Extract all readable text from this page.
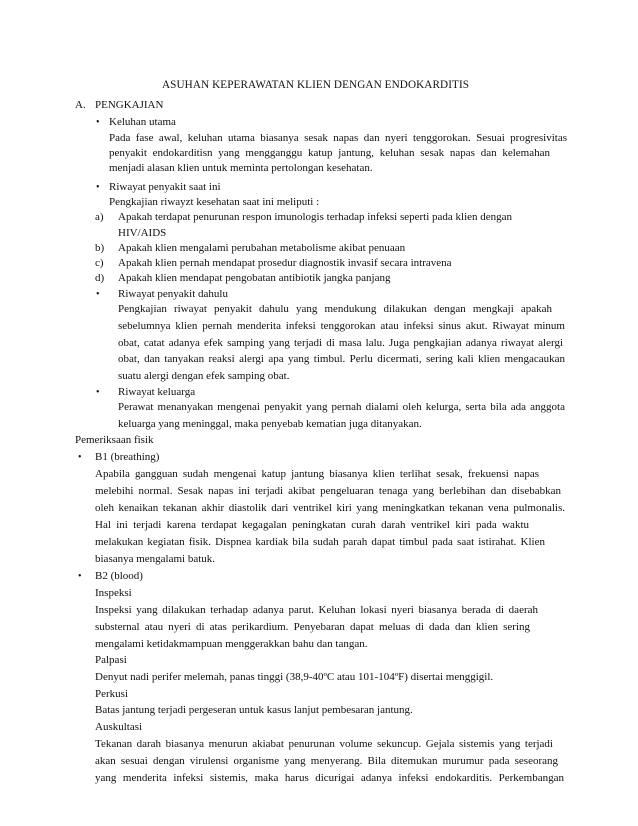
ASUHAN KEPERAWATAN KLIEN DENGAN ENDOKARDITIS
A. PENGKAJIAN
• Keluhan utama
Pada fase awal, keluhan utama biasanya sesak napas dan nyeri tenggorokan. Sesuai progresivitas
penyakit endokarditisn yang mengganggu katup jantung, keluhan sesak napas dan kelemahan
menjadi alasan klien untuk meminta pertolongan kesehatan.
• Riwayat penyakit saat ini
Pengkajian riwayzt kesehatan saat ini meliputi :
a) Apakah terdapat penurunan respon imunologis terhadap infeksi seperti pada klien dengan
HIV/AIDS
b) Apakah klien mengalami perubahan metabolisme akibat penuaan
c) Apakah klien pernah mendapat prosedur diagnostik invasif secara intravena
d) Apakah klien mendapat pengobatan antibiotik jangka panjang
• Riwayat penyakit dahulu
Pengkajian riwayat penyakit dahulu yang mendukung dilakukan dengan mengkaji apakah
sebelumnya klien pernah menderita infeksi tenggorokan atau infeksi sinus akut. Riwayat minum
obat, catat adanya efek samping yang terjadi di masa lalu. Juga pengkajian adanya riwayat alergi
obat, dan tanyakan reaksi alergi apa yang timbul. Perlu dicermati, sering kali klien mengacaukan
suatu alergi dengan efek samping obat.
• Riwayat keluarga
Perawat menanyakan mengenai penyakit yang pernah dialami oleh kelurga, serta bila ada anggota
keluarga yang meninggal, maka penyebab kematian juga ditanyakan.
Pemeriksaan fisik
• B1 (breathing)
Apabila gangguan sudah mengenai katup jantung biasanya klien terlihat sesak, frekuensi napas
melebihi normal. Sesak napas ini terjadi akibat pengeluaran tenaga yang berlebihan dan disebabkan
oleh kenaikan tekanan akhir diastolik dari ventrikel kiri yang meningkatkan tekanan vena pulmonalis.
Hal ini terjadi karena terdapat kegagalan peningkatan curah darah ventrikel kiri pada waktu
melakukan kegiatan fisik. Dispnea kardiak bila sudah parah dapat timbul pada saat istirahat. Klien
biasanya mengalami batuk.
• B2 (blood)
Inspeksi
Inspeksi yang dilakukan terhadap adanya parut. Keluhan lokasi nyeri biasanya berada di daerah
substernal atau nyeri di atas perikardium. Penyebaran dapat meluas di dada dan klien sering
mengalami ketidakmampuan menggerakkan bahu dan tangan.
Palpasi
Denyut nadi perifer melemah, panas tinggi (38,9-40ºC atau 101-104ºF) disertai menggigil.
Perkusi
Batas jantung terjadi pergeseran untuk kasus lanjut pembesaran jantung.
Auskultasi
Tekanan darah biasanya menurun akiabat penurunan volume sekuncup. Gejala sistemis yang terjadi
akan sesuai dengan virulensi organisme yang menyerang. Bila ditemukan murumur pada seseorang
yang menderita infeksi sistemis, maka harus dicurigai adanya infeksi endokarditis. Perkembangan
